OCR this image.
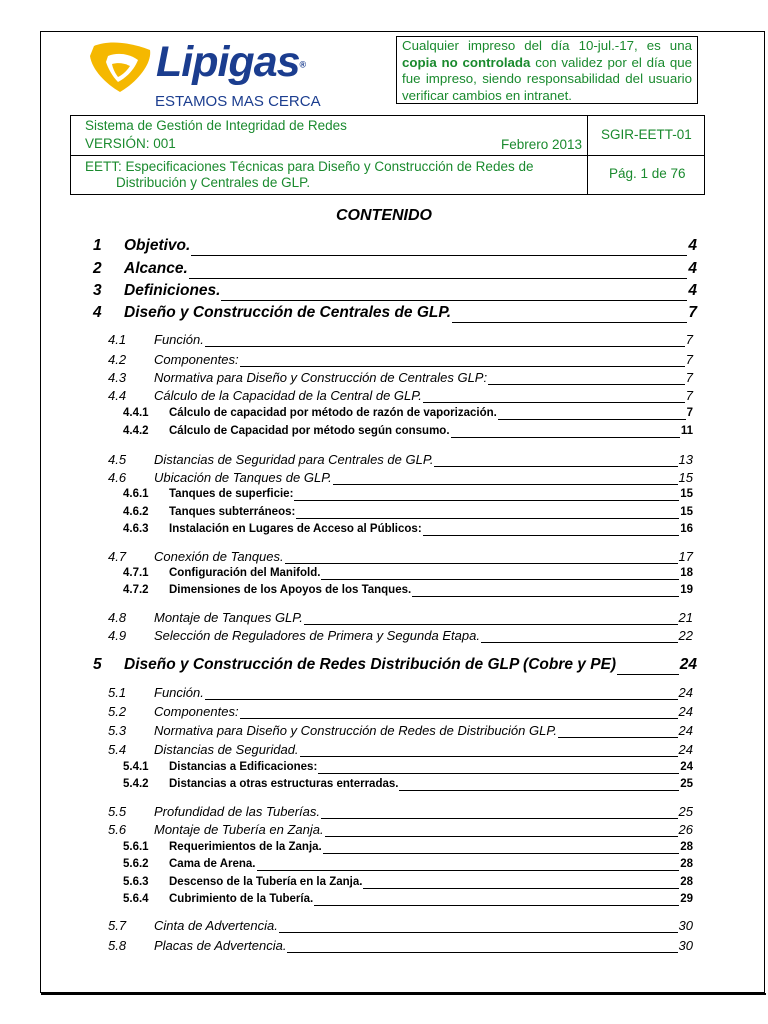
Lipigas®
ESTAMOS MAS CERCA
Cualquier impreso del día 10-jul.-17, es una copia no controlada con validez por el día que fue impreso, siendo responsabilidad del usuario verificar cambios en intranet.
Sistema de Gestión de Integridad de Redes
VERSIÓN: 001	Febrero 2013
SGIR-EETT-01
EETT: Especificaciones Técnicas para Diseño y Construcción de Redes de
Distribución y Centrales de GLP.
Pág. 1 de 76
CONTENIDO
1 Objetivo.	4
2 Alcance.	4
3 Definiciones.	4
4 Diseño y Construcción de Centrales de GLP.	7
4.1 Función.	7
4.2 Componentes:	7
4.3 Normativa para Diseño y Construcción de Centrales GLP:	7
4.4 Cálculo de la Capacidad de la Central de GLP.	7
4.4.1 Cálculo de capacidad por método de razón de vaporización.	7
4.4.2 Cálculo de Capacidad por método según consumo.	11
4.5 Distancias de Seguridad para Centrales de GLP.	13
4.6 Ubicación de Tanques de GLP.	15
4.6.1 Tanques de superficie:	15
4.6.2 Tanques subterráneos:	15
4.6.3 Instalación en Lugares de Acceso al Públicos:	16
4.7 Conexión de Tanques.	17
4.7.1 Configuración del Manifold.	18
4.7.2 Dimensiones de los Apoyos de los Tanques.	19
4.8 Montaje de Tanques GLP.	21
4.9 Selección de Reguladores de Primera y Segunda Etapa.	22
5 Diseño y Construcción de Redes Distribución de GLP (Cobre y PE)	24
5.1 Función.	24
5.2 Componentes:	24
5.3 Normativa para Diseño y Construcción de Redes de Distribución GLP.	24
5.4 Distancias de Seguridad.	24
5.4.1 Distancias a Edificaciones:	24
5.4.2 Distancias a otras estructuras enterradas.	25
5.5 Profundidad de las Tuberías.	25
5.6 Montaje de Tubería en Zanja.	26
5.6.1 Requerimientos de la Zanja.	28
5.6.2 Cama de Arena.	28
5.6.3 Descenso de la Tubería en la Zanja.	28
5.6.4 Cubrimiento de la Tubería.	29
5.7 Cinta de Advertencia.	30
5.8 Placas de Advertencia.	30
